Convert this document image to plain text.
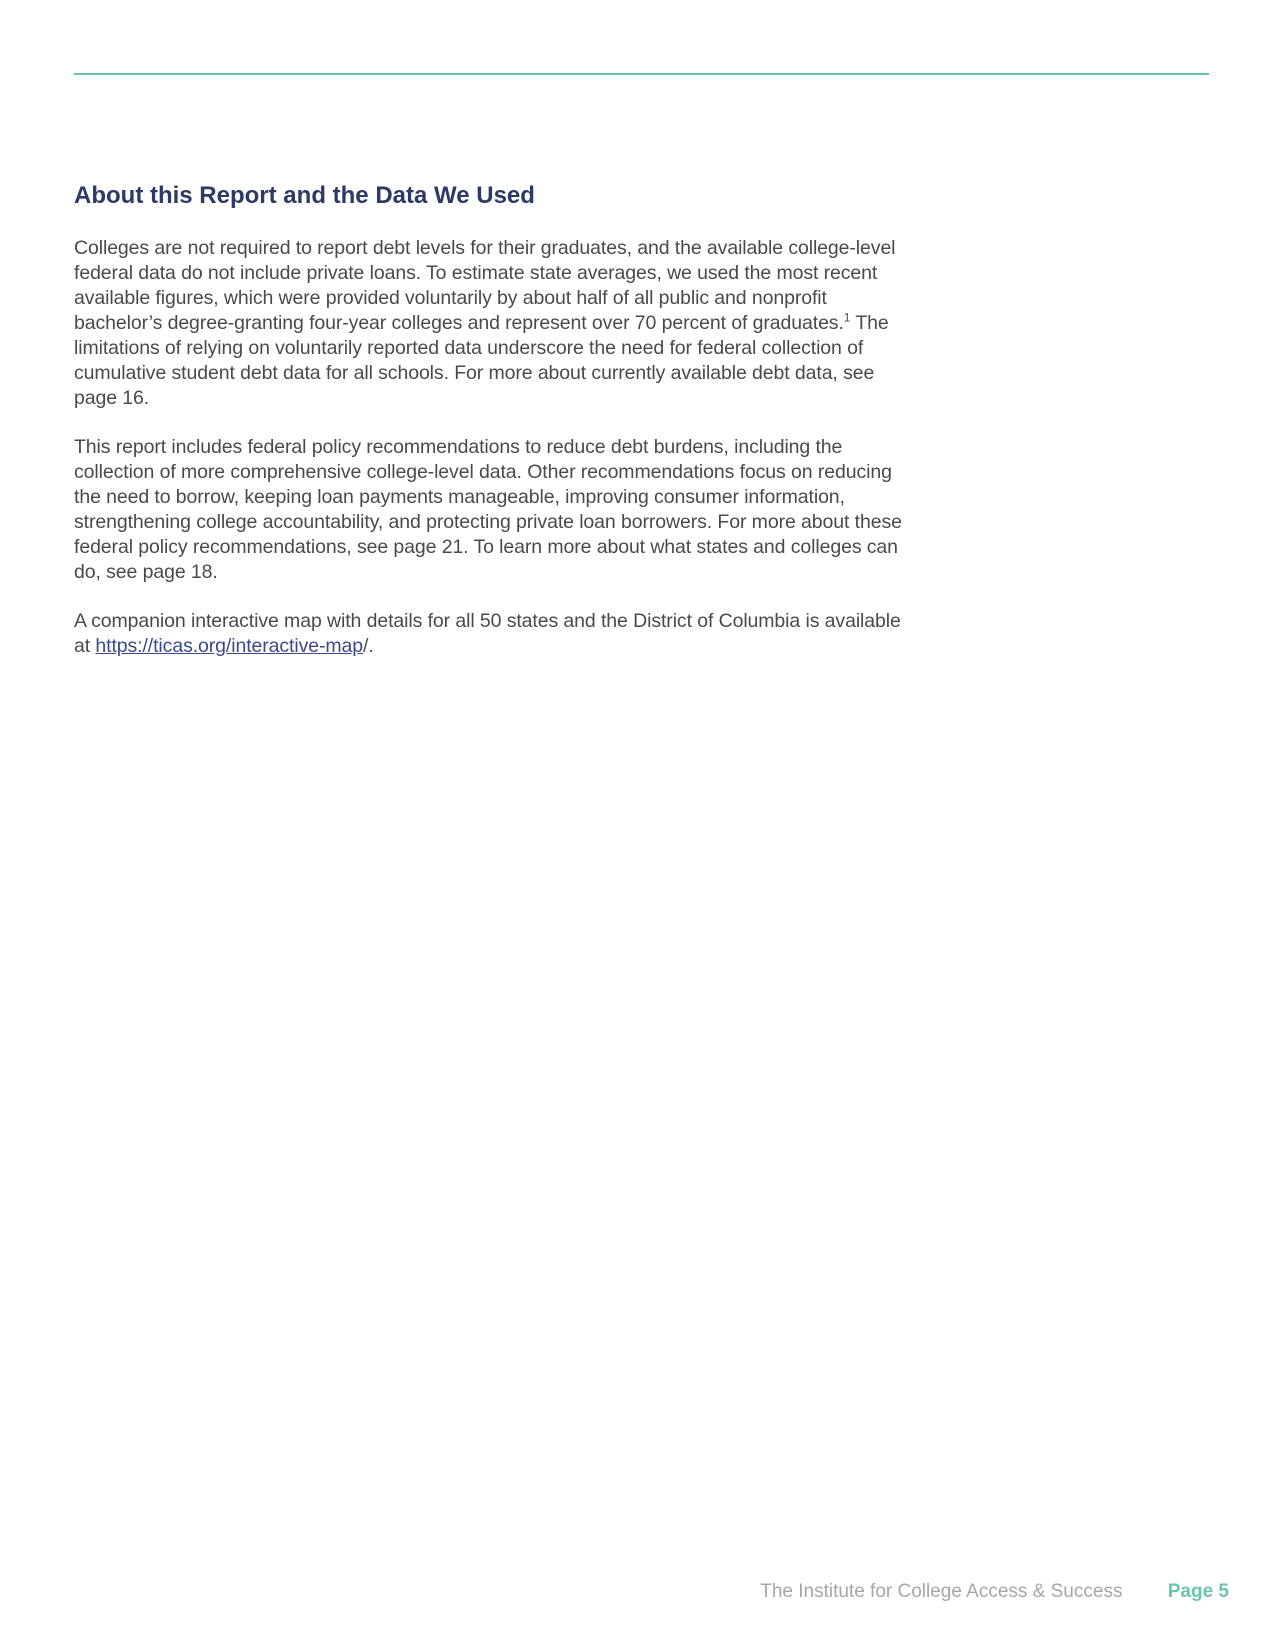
About this Report and the Data We Used

Colleges are not required to report debt levels for their graduates, and the available college-level federal data do not include private loans. To estimate state averages, we used the most recent available figures, which were provided voluntarily by about half of all public and nonprofit bachelor’s degree-granting four-year colleges and represent over 70 percent of graduates.$^1$ The limitations of relying on voluntarily reported data underscore the need for federal collection of cumulative student debt data for all schools. For more about currently available debt data, see page 16.

This report includes federal policy recommendations to reduce debt burdens, including the collection of more comprehensive college-level data. Other recommendations focus on reducing the need to borrow, keeping loan payments manageable, improving consumer information, strengthening college accountability, and protecting private loan borrowers. For more about these federal policy recommendations, see page 21. To learn more about what states and colleges can do, see page 18.

A companion interactive map with details for all 50 states and the District of Columbia is available at https://ticas.org/interactive-map/.

The Institute for College Access & Success Page 5
